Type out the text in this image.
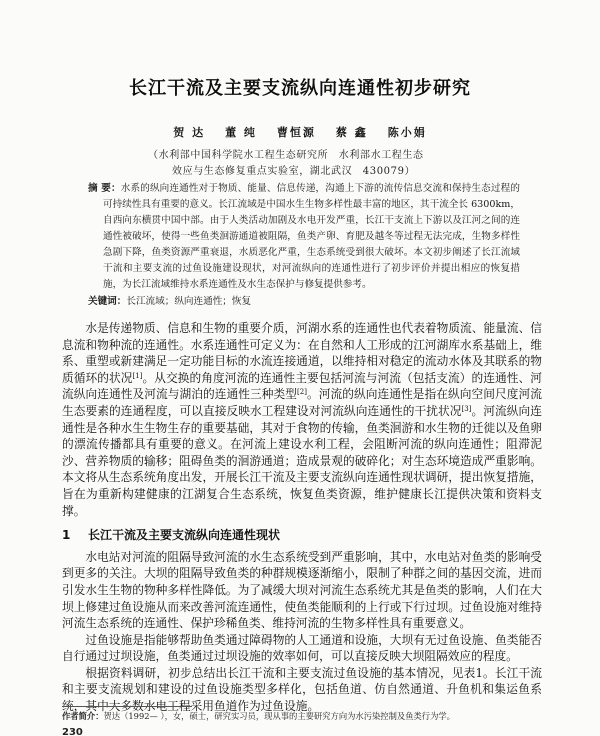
长江干流及主要支流纵向连通性初步研究
贺 达 董 纯 曹恒源 蔡 鑫 陈小娟
（水利部中国科学院水工程生态研究所　水利部水工程生态
效应与生态修复重点实验室，湖北武汉　430079）
摘 要：水系的纵向连通性对于物质、能量、信息传递，沟通上下游的流传信息交流和保持生态过程的可持续性具有重要的意义。长江流域是中国水生生物多样性最丰富的地区，其干流全长 6300km，自西向东横贯中国中部。由于人类活动加剧及水电开发严重，长江干支流上下游以及江河之间的连通性被破坏，使得一些鱼类洄游通道被阻隔，鱼类产卵、育肥及越冬等过程无法完成，生物多样性急剧下降，鱼类资源严重衰退，水质恶化严重，生态系统受到很大破坏。本文初步阐述了长江流域干流和主要支流的过鱼设施建设现状，对河流纵向的连通性进行了初步评价并提出相应的恢复措施，为长江流域维持水系连通性及水生态保护与修复提供参考。
关键词：长江流域；纵向连通性；恢复

水是传递物质、信息和生物的重要介质，河湖水系的连通性也代表着物质流、能量流、信息流和物种流的连通性。水系连通性可定义为：在自然和人工形成的江河湖库水系基础上，维系、重塑或新建满足一定功能目标的水流连接通道，以维持相对稳定的流动水体及其联系的物质循环的状况[1]。从交换的角度河流的连通性主要包括河流与河流（包括支流）的连通性、河流纵向连通性及河流与湖泊的连通性三种类型[2]。河流的纵向连通性是指在纵向空间尺度河流生态要素的连通程度，可以直接反映水工程建设对河流纵向连通性的干扰状况[3]。河流纵向连通性是各种水生生物生存的重要基础，其对于食物的传输，鱼类洄游和水生物的迁徙以及鱼卵的漂流传播都具有重要的意义。在河流上建设水利工程，会阻断河流的纵向连通性；阻滞泥沙、营养物质的输移；阻碍鱼类的洄游通道；造成景观的破碎化；对生态环境造成严重影响。本文将从生态系统角度出发，开展长江干流及主要支流纵向连通性现状调研，提出恢复措施，旨在为重新构建健康的江湖复合生态系统，恢复鱼类资源，维护健康长江提供决策和资料支撑。

1 长江干流及主要支流纵向连通性现状

水电站对河流的阻隔导致河流的水生态系统受到严重影响，其中，水电站对鱼类的影响受到更多的关注。大坝的阻隔导致鱼类的种群规模逐渐缩小，限制了种群之间的基因交流，进而引发水生生物的物种多样性降低。为了减缓大坝对河流生态系统尤其是鱼类的影响，人们在大坝上修建过鱼设施从而来改善河流连通性，使鱼类能顺利的上行或下行过坝。过鱼设施对维持河流生态系统的连通性、保护珍稀鱼类、维持河流的生物多样性具有重要意义。

过鱼设施是指能够帮助鱼类通过障碍物的人工通道和设施，大坝有无过鱼设施、鱼类能否自行通过过坝设施，鱼类通过过坝设施的效率如何，可以直接反映大坝阻隔效应的程度。

根据资料调研，初步总结出长江干流和主要支流过鱼设施的基本情况，见表1。长江干流和主要支流规划和建设的过鱼设施类型多样化，包括鱼道、仿自然通道、升鱼机和集运鱼系统，其中大多数水电工程采用鱼道作为过鱼设施。

作者简介：贺达（1992— ），女，硕士，研究实习员，现从事的主要研究方向为水污染控制及鱼类行为学。
230
